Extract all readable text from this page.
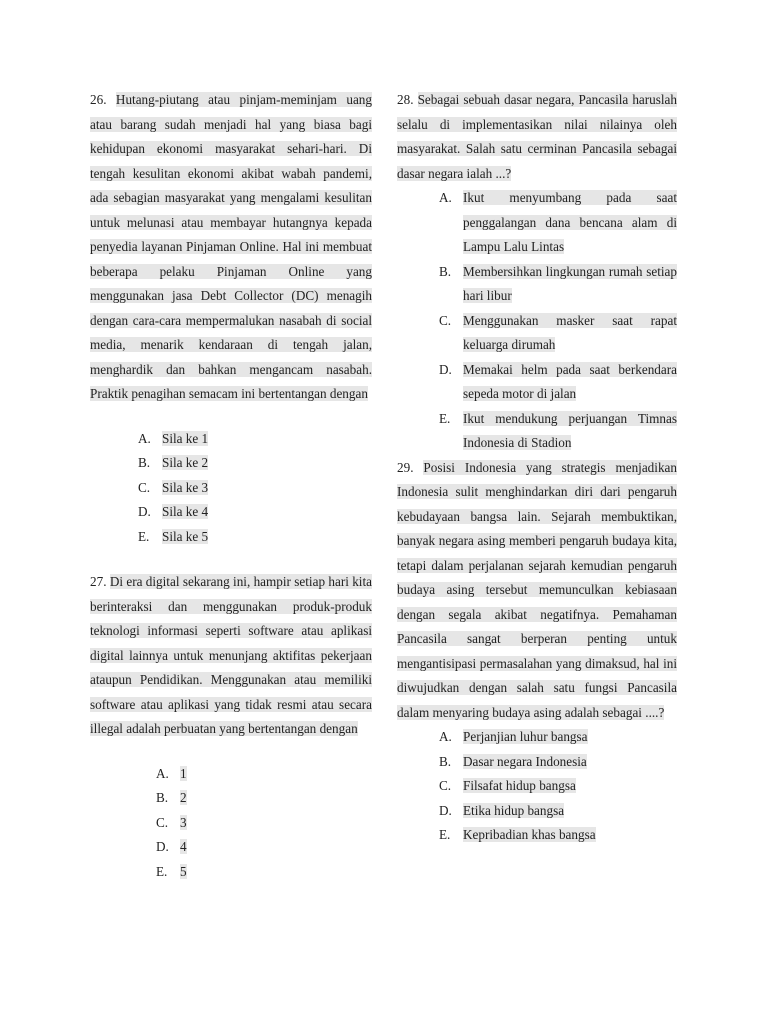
26. Hutang-piutang atau pinjam-meminjam uang atau barang sudah menjadi hal yang biasa bagi kehidupan ekonomi masyarakat sehari-hari. Di tengah kesulitan ekonomi akibat wabah pandemi, ada sebagian masyarakat yang mengalami kesulitan untuk melunasi atau membayar hutangnya kepada penyedia layanan Pinjaman Online. Hal ini membuat beberapa pelaku Pinjaman Online yang menggunakan jasa Debt Collector (DC) menagih dengan cara-cara mempermalukan nasabah di social media, menarik kendaraan di tengah jalan, menghardik dan bahkan mengancam nasabah. Praktik penagihan semacam ini bertentangan dengan

A. Sila ke 1
B. Sila ke 2
C. Sila ke 3
D. Sila ke 4
E. Sila ke 5

27. Di era digital sekarang ini, hampir setiap hari kita berinteraksi dan menggunakan produk-produk teknologi informasi seperti software atau aplikasi digital lainnya untuk menunjang aktifitas pekerjaan ataupun Pendidikan. Menggunakan atau memiliki software atau aplikasi yang tidak resmi atau secara illegal adalah perbuatan yang bertentangan dengan

A. 1
B. 2
C. 3
D. 4
E. 5

28. Sebagai sebuah dasar negara, Pancasila haruslah selalu di implementasikan nilai nilainya oleh masyarakat. Salah satu cerminan Pancasila sebagai dasar negara ialah ...?

A. Ikut menyumbang pada saat penggalangan dana bencana alam di Lampu Lalu Lintas
B. Membersihkan lingkungan rumah setiap hari libur
C. Menggunakan masker saat rapat keluarga dirumah
D. Memakai helm pada saat berkendara sepeda motor di jalan
E. Ikut mendukung perjuangan Timnas Indonesia di Stadion

29. Posisi Indonesia yang strategis menjadikan Indonesia sulit menghindarkan diri dari pengaruh kebudayaan bangsa lain. Sejarah membuktikan, banyak negara asing memberi pengaruh budaya kita, tetapi dalam perjalanan sejarah kemudian pengaruh budaya asing tersebut memunculkan kebiasaan dengan segala akibat negatifnya. Pemahaman Pancasila sangat berperan penting untuk mengantisipasi permasalahan yang dimaksud, hal ini diwujudkan dengan salah satu fungsi Pancasila dalam menyaring budaya asing adalah sebagai ....?

A. Perjanjian luhur bangsa
B. Dasar negara Indonesia
C. Filsafat hidup bangsa
D. Etika hidup bangsa
E. Kepribadian khas bangsa
